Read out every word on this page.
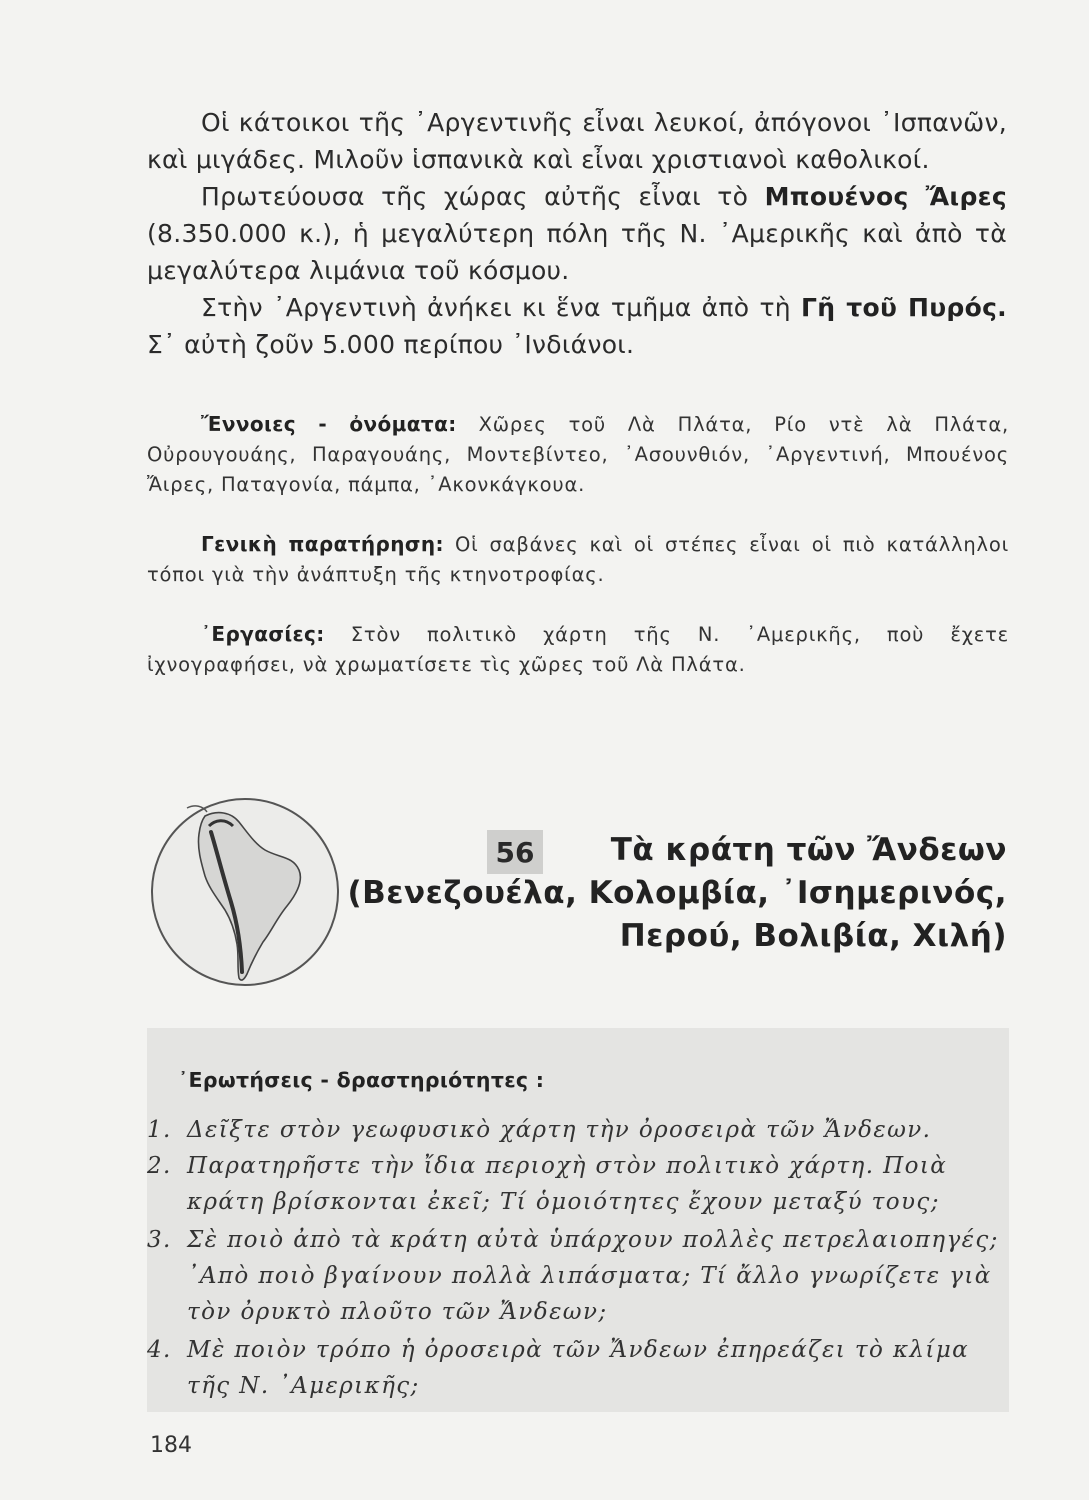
Οἱ κάτοικοι τῆς ᾿Αργεντινῆς εἶναι λευκοί, ἀπόγονοι ᾿Ισπανῶν, καὶ μιγάδες. Μιλοῦν ἱσπανικὰ καὶ εἶναι χριστιανοὶ καθολικοί.

Πρωτεύουσα τῆς χώρας αὐτῆς εἶναι τὸ Μπουένος Ἄιρες (8.350.000 κ.), ἡ μεγαλύτερη πόλη τῆς Ν. ᾿Αμερικῆς καὶ ἀπὸ τὰ μεγαλύτερα λιμάνια τοῦ κόσμου.

Στὴν ᾿Αργεντινὴ ἀνήκει κι ἕνα τμῆμα ἀπὸ τὴ Γῆ τοῦ Πυρός. Σ᾿ αὐτὴ ζοῦν 5.000 περίπου ᾿Ινδιάνοι.

Ἔννοιες - ὀνόματα: Χῶρες τοῦ Λὰ Πλάτα, Ρίο ντὲ λὰ Πλάτα, Οὐρουγουάης, Παραγουάης, Μοντεβίντεο, ᾿Ασουνθιόν, ᾿Αργεντινή, Μπουένος Ἄιρες, Παταγονία, πάμπα, ᾿Ακονκάγκουα.

Γενικὴ παρατήρηση: Οἱ σαβάνες καὶ οἱ στέπες εἶναι οἱ πιὸ κατάλληλοι τόποι γιὰ τὴν ἀνάπτυξη τῆς κτηνοτροφίας.

᾿Εργασίες: Στὸν πολιτικὸ χάρτη τῆς Ν. ᾿Αμερικῆς, ποὺ ἔχετε ἰχνογραφήσει, νὰ χρωματίσετε τὶς χῶρες τοῦ Λὰ Πλάτα.

56 Τὰ κράτη τῶν Ἄνδεων

(Βενεζουέλα, Κολομβία, ᾿Ισημερινός,

Περού, Βολιβία, Χιλή)

᾿Ερωτήσεις - δραστηριότητες :

1. Δεῖξτε στὸν γεωφυσικὸ χάρτη τὴν ὀροσειρὰ τῶν Ἄνδεων.

2. Παρατηρῆστε τὴν ἴδια περιοχὴ στὸν πολιτικὸ χάρτη. Ποιὰ κράτη βρίσκονται ἐκεῖ; Τί ὁμοιότητες ἔχουν μεταξύ τους;

3. Σὲ ποιὸ ἀπὸ τὰ κράτη αὐτὰ ὑπάρχουν πολλὲς πετρελαιοπηγές; ᾿Απὸ ποιὸ βγαίνουν πολλὰ λιπάσματα; Τί ἄλλο γνωρίζετε γιὰ τὸν ὀρυκτὸ πλοῦτο τῶν Ἄνδεων;

4. Μὲ ποιὸν τρόπο ἡ ὀροσειρὰ τῶν Ἄνδεων ἐπηρεάζει τὸ κλίμα τῆς Ν. ᾿Αμερικῆς;

184
